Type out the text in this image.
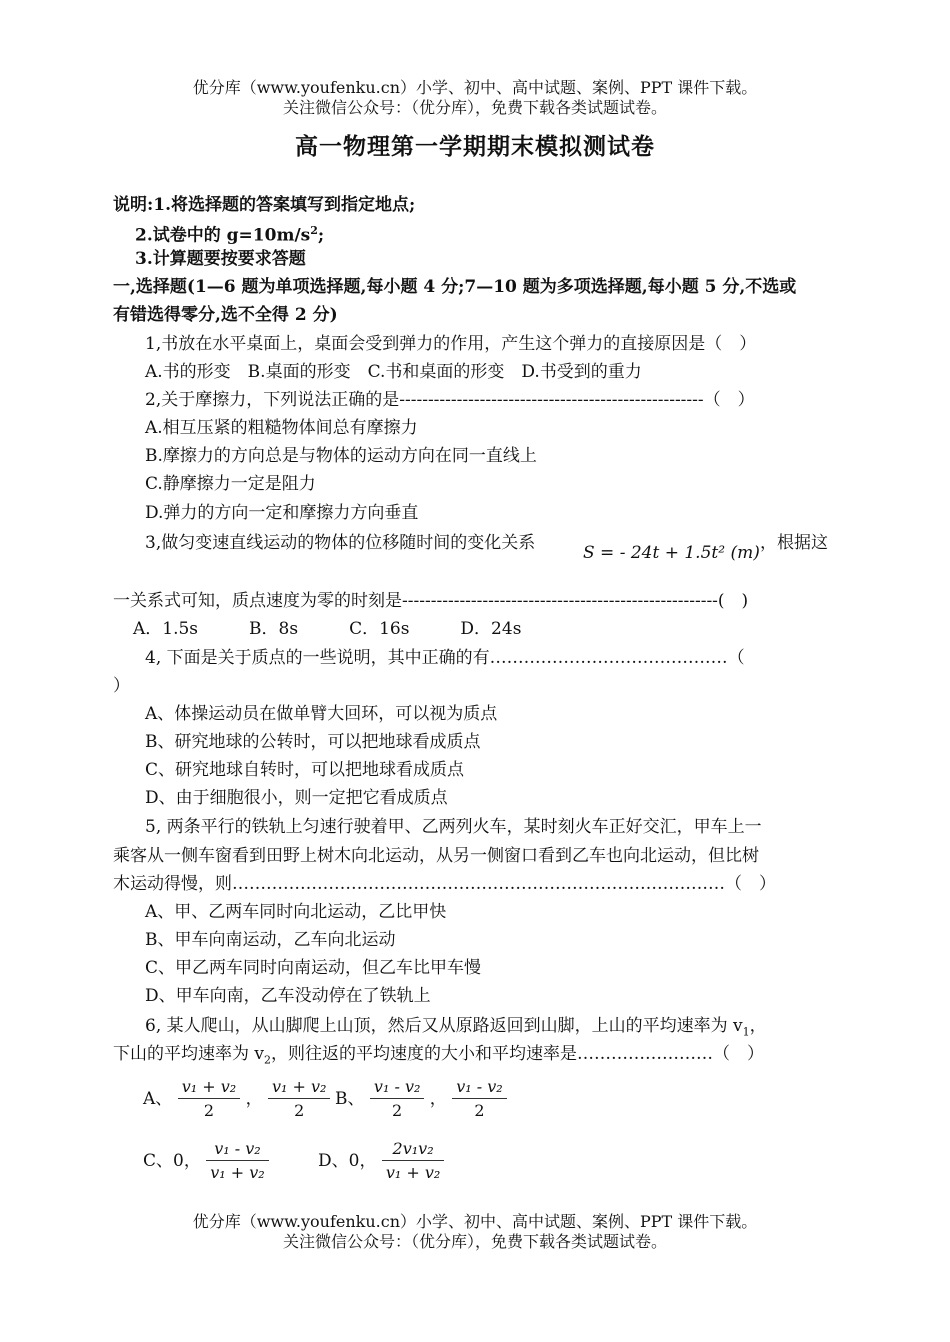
优分库（www.youfenku.cn）小学、初中、高中试题、案例、PPT 课件下载。
关注微信公众号：（优分库），免费下载各类试题试卷。
高一物理第一学期期末模拟测试卷
说明:1.将选择题的答案填写到指定地点;
2.试卷中的 $g=10m/s^2$;
3.计算题要按要求答题
一,选择题(1—6 题为单项选择题,每小题 4 分;7—10 题为多项选择题,每小题 5 分,不选或
有错选得零分,选不全得 2 分)
1,书放在水平桌面上，桌面会受到弹力的作用，产生这个弹力的直接原因是（　）
A.书的形变　B.桌面的形变　C.书和桌面的形变　D.书受到的重力
2,关于摩擦力，下列说法正确的是-----------------------------------------------------（　）
A.相互压紧的粗糙物体间总有摩擦力
B.摩擦力的方向总是与物体的运动方向在同一直线上
C.静摩擦力一定是阻力
D.弹力的方向一定和摩擦力方向垂直
3,做匀变速直线运动的物体的位移随时间的变化关系	S = - 24t + 1.5t² (m) ，根据这
一关系式可知，质点速度为零的时刻是-------------------------------------------------------(　)
A．1.5s　　　B．8s　　　C．16s　　　D．24s
4, 下面是关于质点的一些说明，其中正确的有……………………………………（
）
A、体操运动员在做单臂大回环，可以视为质点
B、研究地球的公转时，可以把地球看成质点
C、研究地球自转时，可以把地球看成质点
D、由于细胞很小，则一定把它看成质点
5, 两条平行的铁轨上匀速行驶着甲、乙两列火车，某时刻火车正好交汇，甲车上一
乘客从一侧车窗看到田野上树木向北运动，从另一侧窗口看到乙车也向北运动，但比树
木运动得慢，则……………………………………………………………………………（　）
A、甲、乙两车同时向北运动，乙比甲快
B、甲车向南运动，乙车向北运动
C、甲乙两车同时向南运动，但乙车比甲车慢
D、甲车向南，乙车没动停在了铁轨上
6, 某人爬山，从山脚爬上山顶，然后又从原路返回到山脚，上山的平均速率为 $v_1$，
下山的平均速率为 $v_2$，则往返的平均速度的大小和平均速率是……………………（　）
A、 $\frac{\text{v₁ + v₂}}{2}$ ， $\frac{\text{v₁ + v₂}}{2}$ B、 $\frac{\text{v₁ - v₂}}{2}$ ， $\frac{\text{v₁ - v₂}}{2}$
C、0， $\frac{\text{v₁ - v₂}}{\text{v₁ + v₂}}$	D、0， $\frac{\text{2v₁v₂}}{\text{v₁ + v₂}}$
优分库（www.youfenku.cn）小学、初中、高中试题、案例、PPT 课件下载。
关注微信公众号：（优分库），免费下载各类试题试卷。
